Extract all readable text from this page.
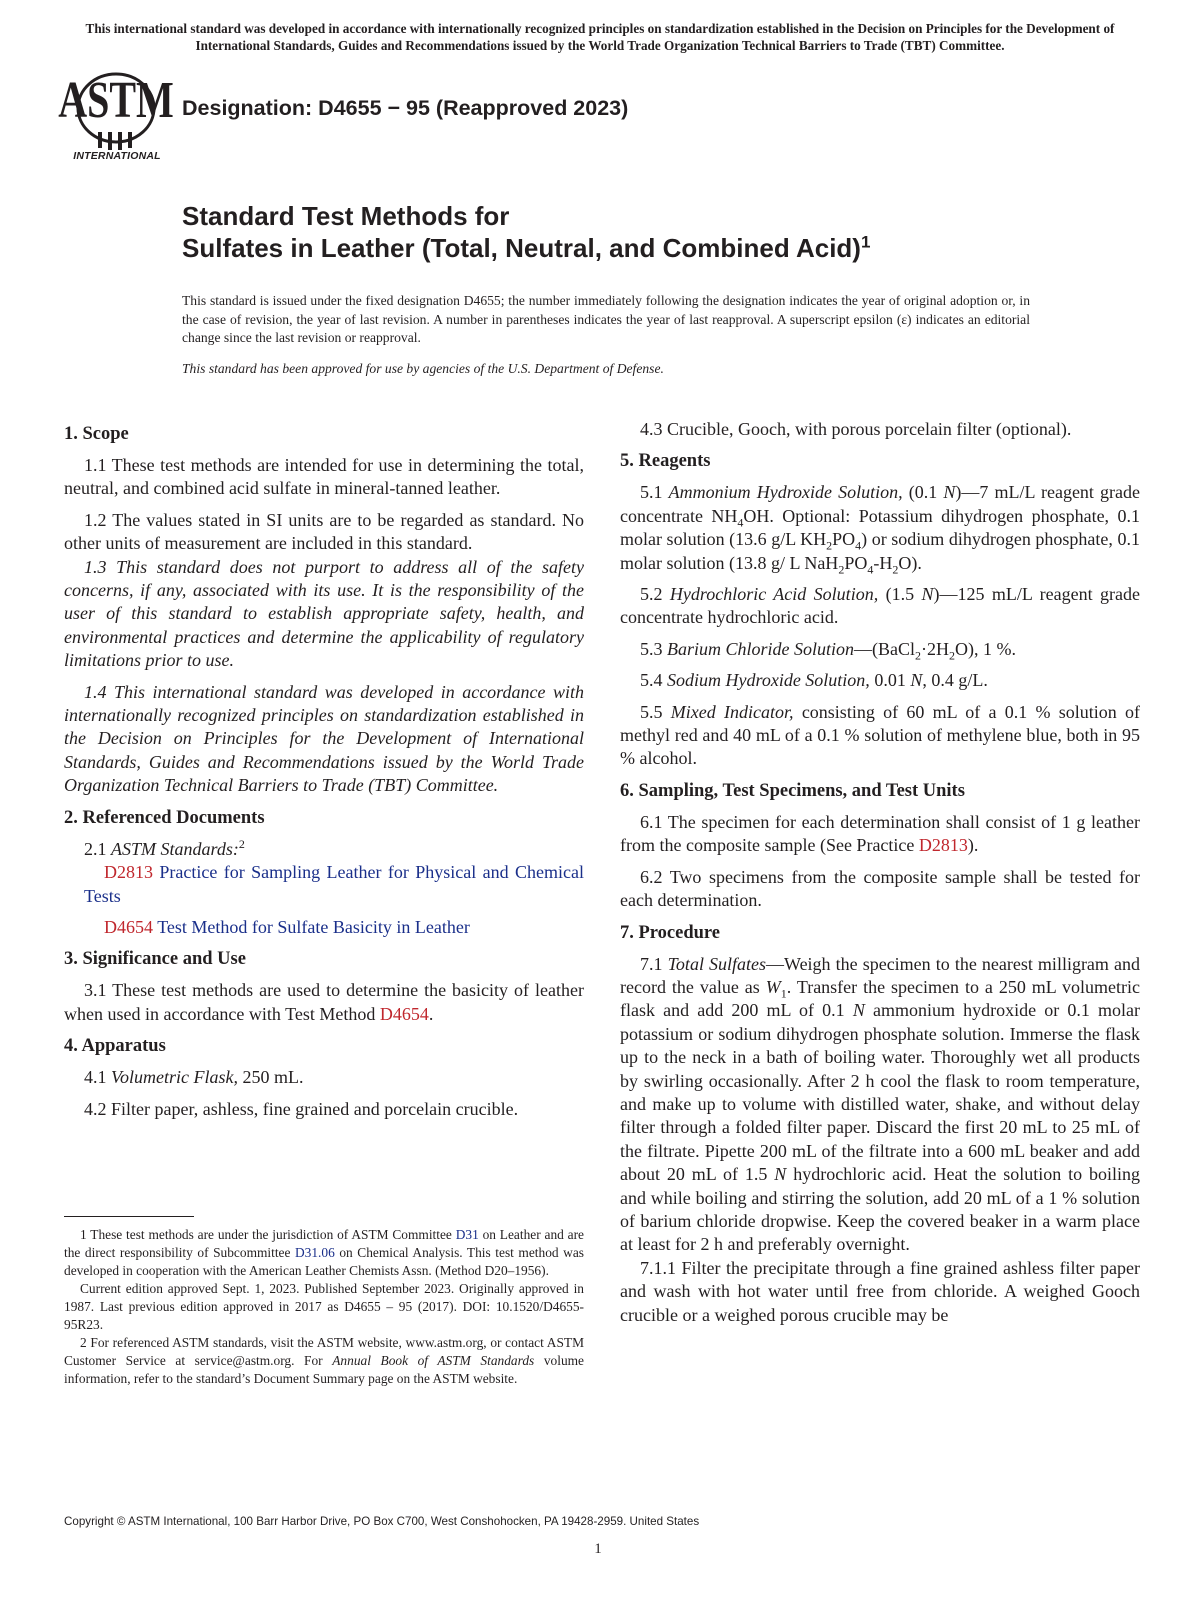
This international standard was developed in accordance with internationally recognized principles on standardization established in the Decision on Principles for the Development of International Standards, Guides and Recommendations issued by the World Trade Organization Technical Barriers to Trade (TBT) Committee.
ASTM
INTERNATIONAL
Designation: D4655 − 95 (Reapproved 2023)
Standard Test Methods for
Sulfates in Leather (Total, Neutral, and Combined Acid)$^1$
This standard is issued under the fixed designation D4655; the number immediately following the designation indicates the year of original adoption or, in the case of revision, the year of last revision. A number in parentheses indicates the year of last reapproval. A superscript epsilon (ε) indicates an editorial change since the last revision or reapproval.
This standard has been approved for use by agencies of the U.S. Department of Defense.
1. Scope

1.1 These test methods are intended for use in determining the total, neutral, and combined acid sulfate in mineral-tanned leather.

1.2 The values stated in SI units are to be regarded as standard. No other units of measurement are included in this standard.

1.3 This standard does not purport to address all of the safety concerns, if any, associated with its use. It is the responsibility of the user of this standard to establish appropriate safety, health, and environmental practices and determine the applicability of regulatory limitations prior to use.

1.4 This international standard was developed in accordance with internationally recognized principles on standardization established in the Decision on Principles for the Development of International Standards, Guides and Recommendations issued by the World Trade Organization Technical Barriers to Trade (TBT) Committee.

2. Referenced Documents

2.1 ASTM Standards:$^2$

D2813 Practice for Sampling Leather for Physical and Chemical Tests

D4654 Test Method for Sulfate Basicity in Leather

3. Significance and Use

3.1 These test methods are used to determine the basicity of leather when used in accordance with Test Method D4654.

4. Apparatus

4.1 Volumetric Flask, 250 mL.

4.2 Filter paper, ashless, fine grained and porcelain crucible.

1 These test methods are under the jurisdiction of ASTM Committee D31 on Leather and are the direct responsibility of Subcommittee D31.06 on Chemical Analysis. This test method was developed in cooperation with the American Leather Chemists Assn. (Method D20–1956).

Current edition approved Sept. 1, 2023. Published September 2023. Originally approved in 1987. Last previous edition approved in 2017 as D4655 – 95 (2017). DOI: 10.1520/D4655-95R23.

2 For referenced ASTM standards, visit the ASTM website, www.astm.org, or contact ASTM Customer Service at service@astm.org. For Annual Book of ASTM Standards volume information, refer to the standard’s Document Summary page on the ASTM website.

4.3 Crucible, Gooch, with porous porcelain filter (optional).

5. Reagents

5.1 Ammonium Hydroxide Solution, (0.1 N)—7 mL/L reagent grade concentrate $NH_4OH$. Optional: Potassium dihydrogen phosphate, 0.1 molar solution (13.6 g/L $KH_2PO_4$) or sodium dihydrogen phosphate, 0.1 molar solution (13.8 g/ L $NaH_2PO_4-H_2O$).

5.2 Hydrochloric Acid Solution, (1.5 N)—125 mL/L reagent grade concentrate hydrochloric acid.

5.3 Barium Chloride $Solution—(BaCl_2\cdot 2H_2O)$, 1 %.

5.4 Sodium Hydroxide Solution, 0.01 N, 0.4 g/L.

5.5 Mixed Indicator, consisting of 60 mL of a 0.1 % solution of methyl red and 40 mL of a 0.1 % solution of methylene blue, both in 95 % alcohol.

6. Sampling, Test Specimens, and Test Units

6.1 The specimen for each determination shall consist of 1 g leather from the composite sample (See Practice D2813).

6.2 Two specimens from the composite sample shall be tested for each determination.

7. Procedure

7.1 Total Sulfates—Weigh the specimen to the nearest milligram and record the value as $W_1$. Transfer the specimen to a 250 mL volumetric flask and add 200 mL of 0.1 N ammonium hydroxide or 0.1 molar potassium or sodium dihydrogen phosphate solution. Immerse the flask up to the neck in a bath of boiling water. Thoroughly wet all products by swirling occasionally. After 2 h cool the flask to room temperature, and make up to volume with distilled water, shake, and without delay filter through a folded filter paper. Discard the first 20 mL to 25 mL of the filtrate. Pipette 200 mL of the filtrate into a 600 mL beaker and add about 20 mL of 1.5 N hydrochloric acid. Heat the solution to boiling and while boiling and stirring the solution, add 20 mL of a 1 % solution of barium chloride dropwise. Keep the covered beaker in a warm place at least for 2 h and preferably overnight.

7.1.1 Filter the precipitate through a fine grained ashless filter paper and wash with hot water until free from chloride. A weighed Gooch crucible or a weighed porous crucible may be

Copyright © ASTM International, 100 Barr Harbor Drive, PO Box C700, West Conshohocken, PA 19428-2959. United States
1
